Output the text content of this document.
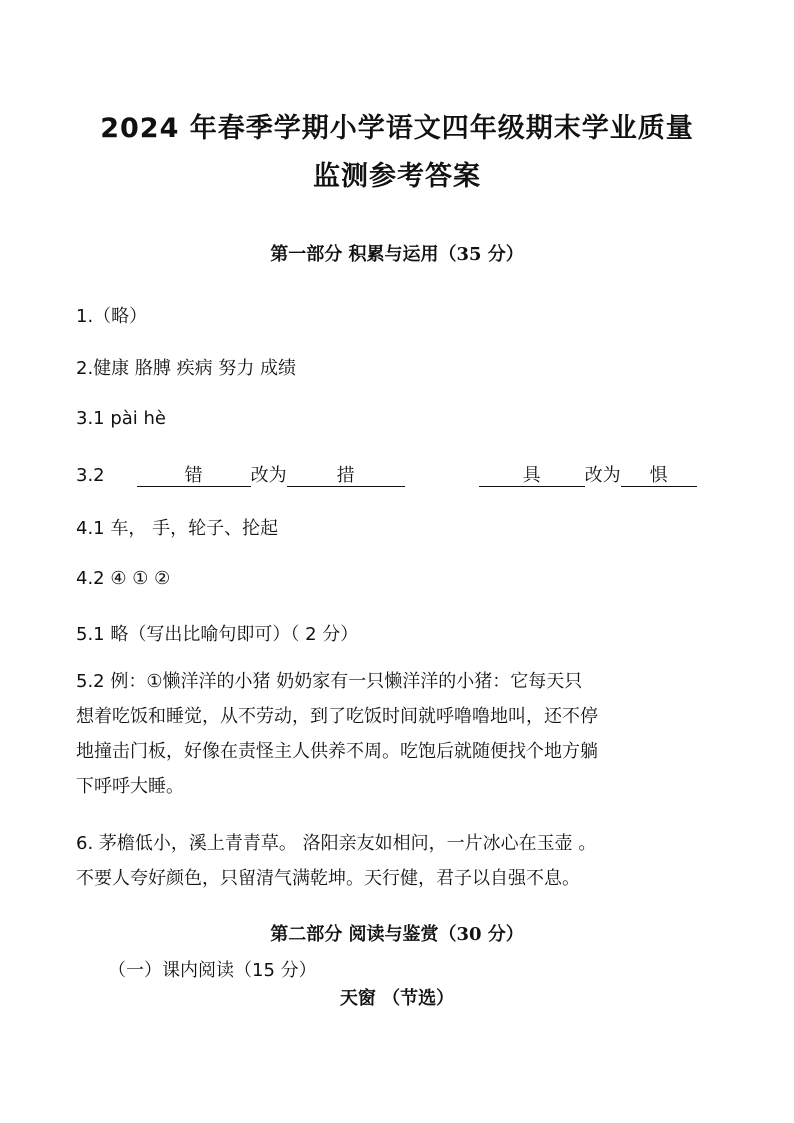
2024 年春季学期小学语文四年级期末学业质量
监测参考答案
第一部分 积累与运用（35 分）
1.（略）
2.健康 胳膊 疾病 努力 成绩
3.1 pài hè
3.2	错	改为	措	具 改为 惧
4.1 车， 手，轮子、抡起
4.2 ④ ① ②
5.1 略（写出比喻句即可）（ 2 分）
5.2 例：①懒洋洋的小猪 奶奶家有一只懒洋洋的小猪：它每天只
想着吃饭和睡觉，从不劳动，到了吃饭时间就呼噜噜地叫，还不停
地撞击门板，好像在责怪主人供养不周。吃饱后就随便找个地方躺
下呼呼大睡。
6. 茅檐低小，溪上青青草。 洛阳亲友如相问，一片冰心在玉壶 。
不要人夸好颜色，只留清气满乾坤。天行健，君子以自强不息。
第二部分 阅读与鉴赏（30 分）
（一）课内阅读（15 分）
天窗 （节选）
